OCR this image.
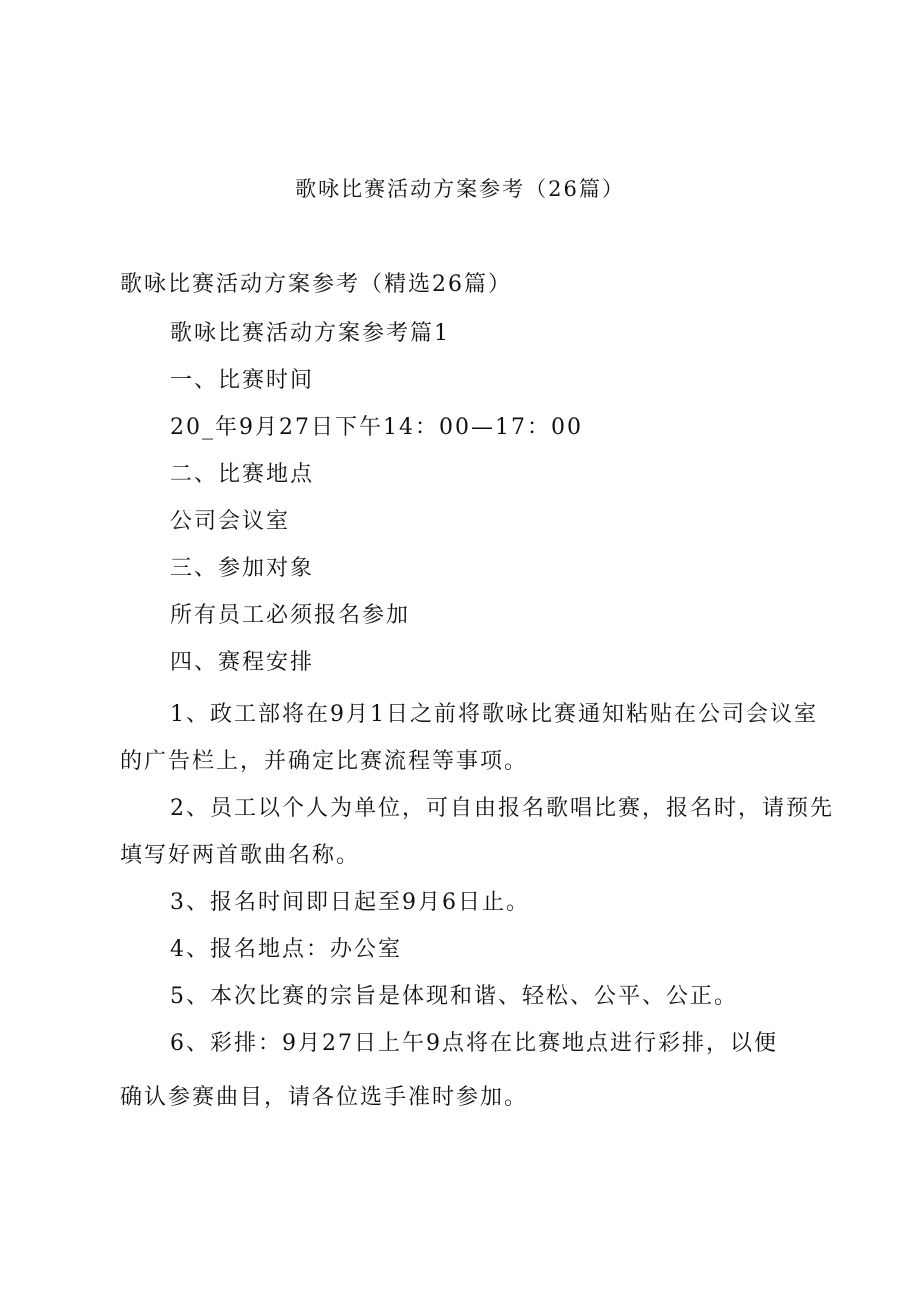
歌咏比赛活动方案参考（26篇）
歌咏比赛活动方案参考（精选26篇）
歌咏比赛活动方案参考篇1
一、比赛时间
20_年9月27日下午14：00—17：00
二、比赛地点
公司会议室
三、参加对象
所有员工必须报名参加
四、赛程安排
1、政工部将在9月1日之前将歌咏比赛通知粘贴在公司会议室
的广告栏上，并确定比赛流程等事项。
2、员工以个人为单位，可自由报名歌唱比赛，报名时，请预先
填写好两首歌曲名称。
3、报名时间即日起至9月6日止。
4、报名地点：办公室
5、本次比赛的宗旨是体现和谐、轻松、公平、公正。
6、彩排：9月27日上午9点将在比赛地点进行彩排，以便
确认参赛曲目，请各位选手准时参加。
